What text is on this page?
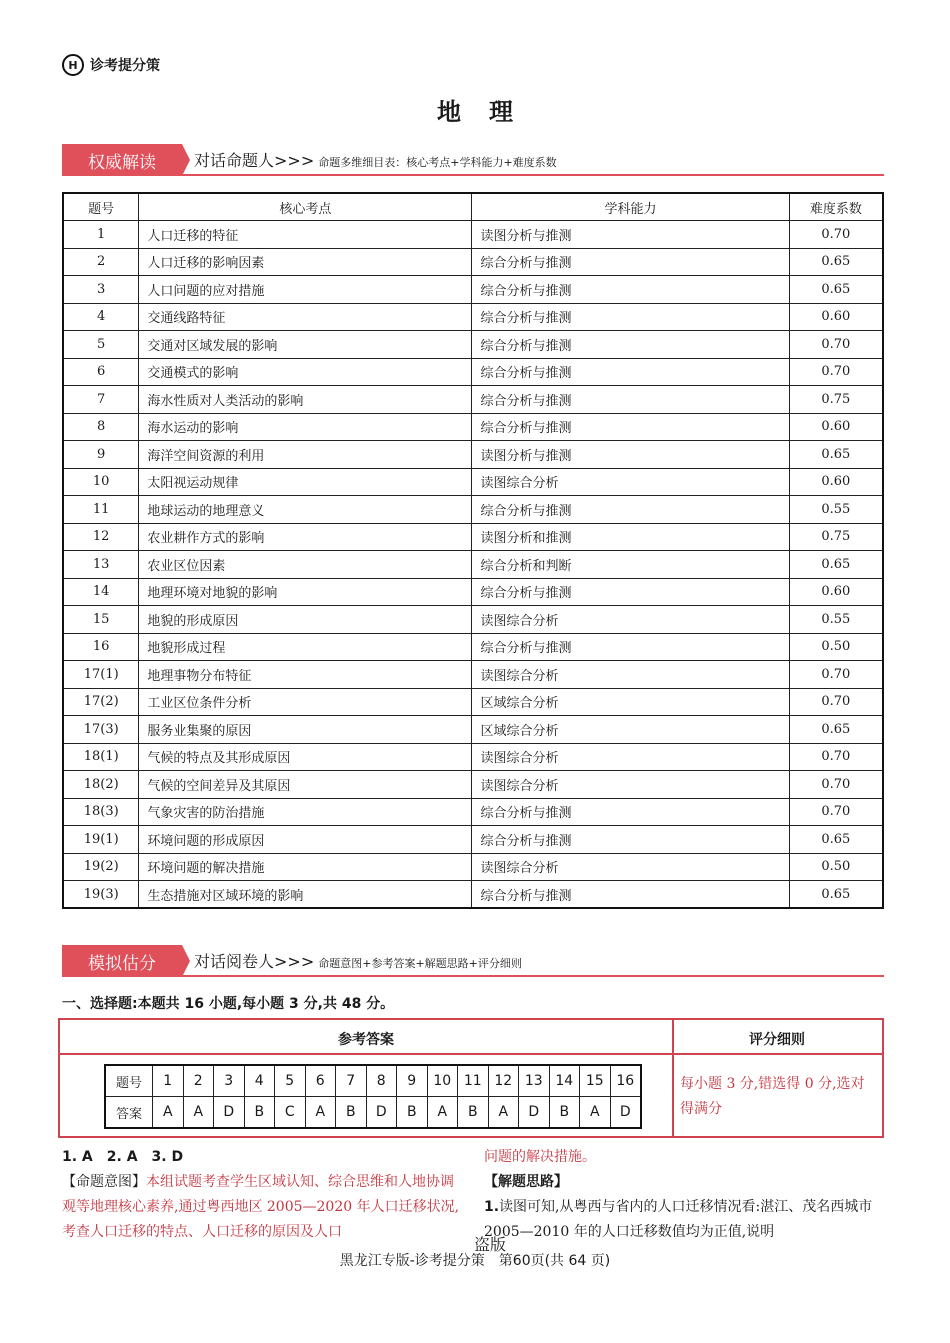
H 诊考提分策
地理
权威解读	对话命题人>>> 命题多维细目表：核心考点+学科能力+难度系数
题号	核心考点	学科能力	难度系数
1	人口迁移的特征	读图分析与推测	0.70
2	人口迁移的影响因素	综合分析与推测	0.65
3	人口问题的应对措施	综合分析与推测	0.65
4	交通线路特征	综合分析与推测	0.60
5	交通对区域发展的影响	综合分析与推测	0.70
6	交通模式的影响	综合分析与推测	0.70
7	海水性质对人类活动的影响	综合分析与推测	0.75
8	海水运动的影响	综合分析与推测	0.60
9	海洋空间资源的利用	读图分析与推测	0.65
10	太阳视运动规律	读图综合分析	0.60
11	地球运动的地理意义	综合分析与推测	0.55
12	农业耕作方式的影响	读图分析和推测	0.75
13	农业区位因素	综合分析和判断	0.65
14	地理环境对地貌的影响	综合分析与推测	0.60
15	地貌的形成原因	读图综合分析	0.55
16	地貌形成过程	综合分析与推测	0.50
17(1)	地理事物分布特征	读图综合分析	0.70
17(2)	工业区位条件分析	区域综合分析	0.70
17(3)	服务业集聚的原因	区域综合分析	0.65
18(1)	气候的特点及其形成原因	读图综合分析	0.70
18(2)	气候的空间差异及其原因	读图综合分析	0.70
18(3)	气象灾害的防治措施	综合分析与推测	0.70
19(1)	环境问题的形成原因	综合分析与推测	0.65
19(2)	环境问题的解决措施	读图综合分析	0.50
19(3)	生态措施对区域环境的影响	综合分析与推测	0.65
模拟估分	对话阅卷人>>> 命题意图+参考答案+解题思路+评分细则
一、选择题:本题共 16 小题,每小题 3 分,共 48 分。
参考答案	评分细则
题号	1	2	3	4	5	6	7	8	9	10	11	12	13	14	15	16
答案	A	A	D	B	C	A	B	D	B	A	B	A	D	B	A	D
每小题 3 分,错选得 0 分,选对得满分
1. A　2. A　3. D
【命题意图】本组试题考查学生区域认知、综合思维和人地协调观等地理核心素养,通过粤西地区 2005—2020 年人口迁移状况,考查人口迁移的特点、人口迁移的原因及人口
问题的解决措施。
【解题思路】
1.读图可知,从粤西与省内的人口迁移情况看:湛江、茂名西城市 2005—2010 年的人口迁移数值均为正值,说明
盗版
黑龙江专版-诊考提分策　第60页(共 64 页)
